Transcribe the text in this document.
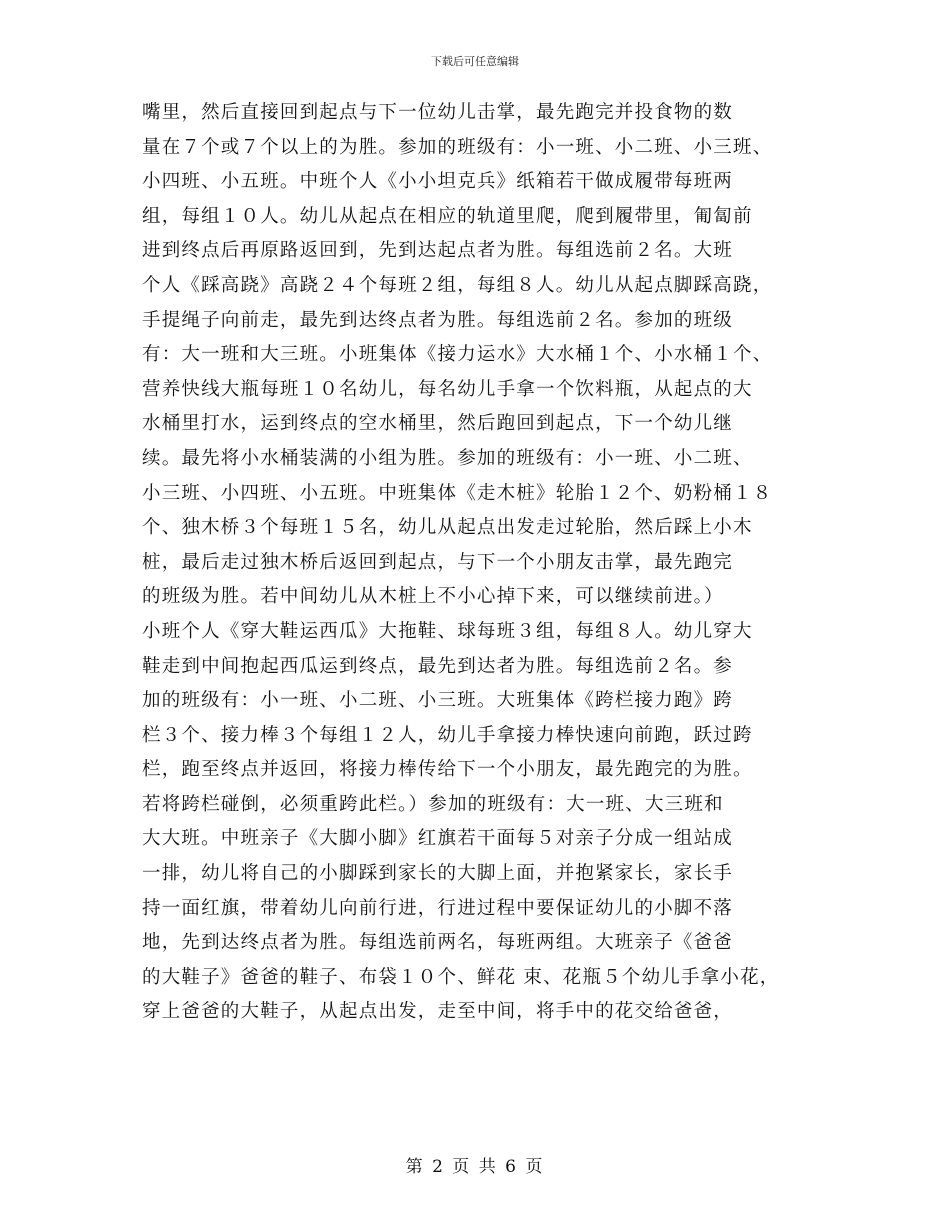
下载后可任意编辑
嘴里，然后直接回到起点与下一位幼儿击掌，最先跑完并投食物的数
量在７个或７个以上的为胜。参加的班级有：小一班、小二班、小三班、
小四班、小五班。中班个人《小小坦克兵》纸箱若干做成履带每班两
组，每组１０人。幼儿从起点在相应的轨道里爬，爬到履带里，匍匐前
进到终点后再原路返回到，先到达起点者为胜。每组选前２名。大班
个人《踩高跷》高跷２４个每班２组，每组８人。幼儿从起点脚踩高跷，
手提绳子向前走，最先到达终点者为胜。每组选前２名。参加的班级
有：大一班和大三班。小班集体《接力运水》大水桶１个、小水桶１个、
营养快线大瓶每班１０名幼儿，每名幼儿手拿一个饮料瓶，从起点的大
水桶里打水，运到终点的空水桶里，然后跑回到起点，下一个幼儿继
续。最先将小水桶装满的小组为胜。参加的班级有：小一班、小二班、
小三班、小四班、小五班。中班集体《走木桩》轮胎１２个、奶粉桶１８
个、独木桥３个每班１５名，幼儿从起点出发走过轮胎，然后踩上小木
桩，最后走过独木桥后返回到起点，与下一个小朋友击掌，最先跑完
的班级为胜。若中间幼儿从木桩上不小心掉下来，可以继续前进。）
小班个人《穿大鞋运西瓜》大拖鞋、球每班３组，每组８人。幼儿穿大
鞋走到中间抱起西瓜运到终点，最先到达者为胜。每组选前２名。参
加的班级有：小一班、小二班、小三班。大班集体《跨栏接力跑》跨
栏３个、接力棒３个每组１２人，幼儿手拿接力棒快速向前跑，跃过跨
栏，跑至终点并返回，将接力棒传给下一个小朋友，最先跑完的为胜。
若将跨栏碰倒，必须重跨此栏。）参加的班级有：大一班、大三班和
大大班。中班亲子《大脚小脚》红旗若干面每５对亲子分成一组站成
一排，幼儿将自己的小脚踩到家长的大脚上面，并抱紧家长，家长手
持一面红旗，带着幼儿向前行进，行进过程中要保证幼儿的小脚不落
地，先到达终点者为胜。每组选前两名，每班两组。大班亲子《爸爸
的大鞋子》爸爸的鞋子、布袋１０个、鲜花 束、花瓶５个幼儿手拿小花，
穿上爸爸的大鞋子，从起点出发，走至中间，将手中的花交给爸爸，
第 2 页 共 6 页
